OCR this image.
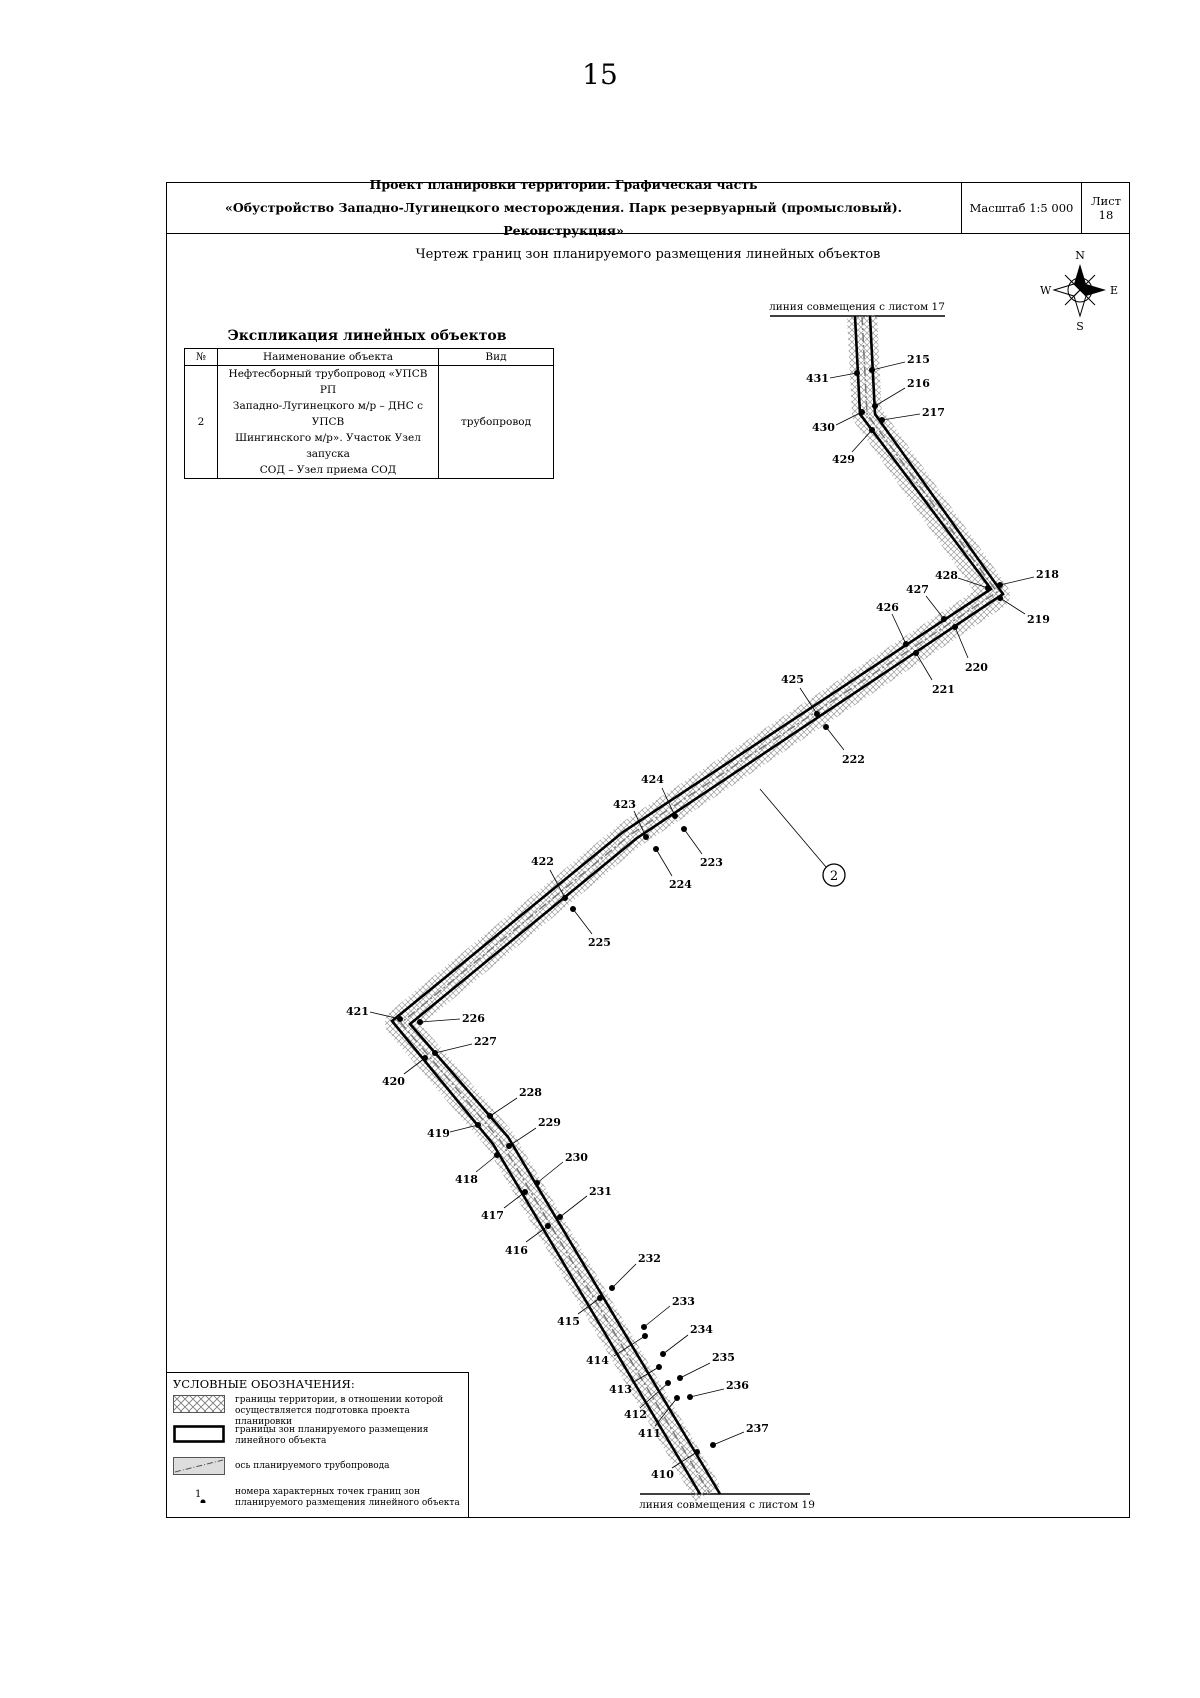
15
Проект планировки территории. Графическая часть
«Обустройство Западно-Лугинецкого месторождения. Парк резервуарный (промысловый). Реконструкция»
Масштаб 1:5 000	Лист 18
Чертеж границ зон планируемого размещения линейных объектов
Экспликация линейных объектов
№	Наименование объекта	Вид
2	Нефтесборный трубопровод «УПСВ РП
Западно-Лугинецкого м/р – ДНС с УПСВ
Шингинского м/р». Участок Узел запуска
СОД – Узел приема СОД	трубопровод
N
S
E
W
линия совмещения с листом 17
линия совмещения с листом 19
431
430
429
428
427
426
425
424
423
422
421
420
419
418
417
416
415
414
413
412
411
410
215
216
217
218
219
220
221
222
223
224
225
226
227
228
229
230
231
232
233
234
235
236
237
2
УСЛОВНЫЕ ОБОЗНАЧЕНИЯ:
границы территории, в отношении которой
осуществляется подготовка проекта планировки
границы зон планируемого размещения
линейного объекта
ось планируемого трубопровода
1	номера характерных точек границ зон
планируемого размещения линейного объекта
